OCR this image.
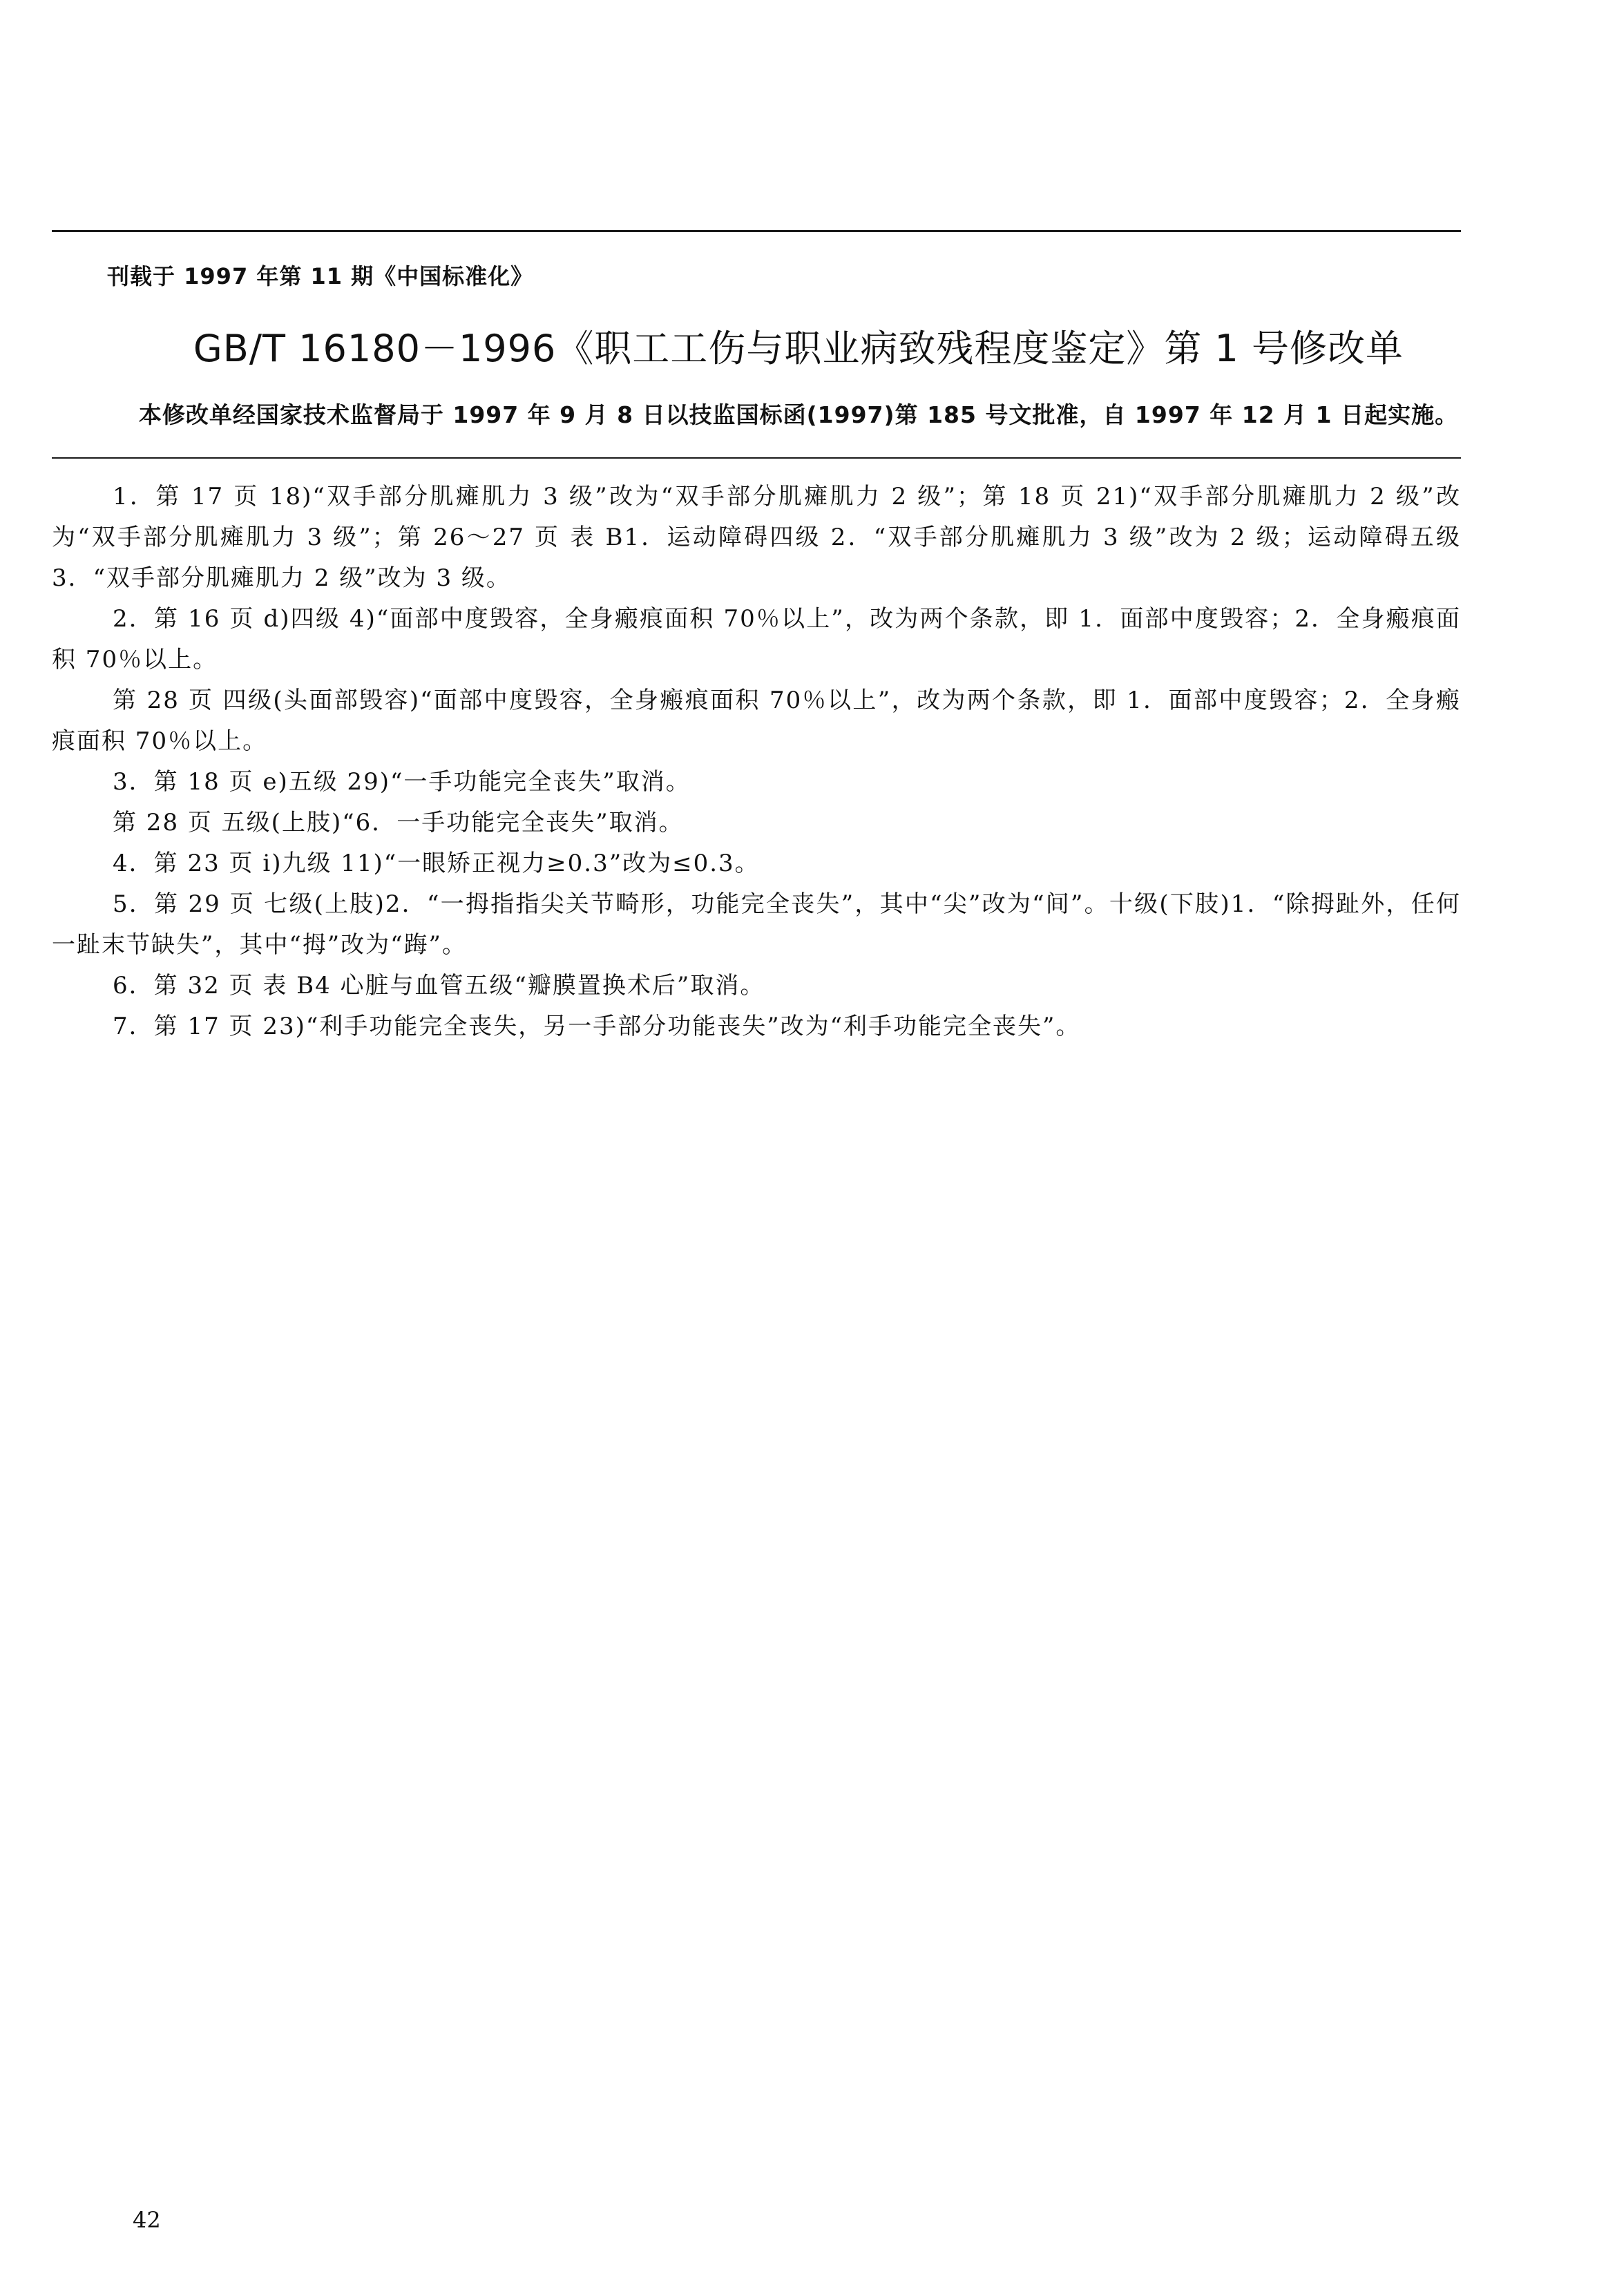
刊载于 1997 年第 11 期《中国标准化》
GB/T 16180－1996《职工工伤与职业病致残程度鉴定》第 1 号修改单
本修改单经国家技术监督局于 1997 年 9 月 8 日以技监国标函(1997)第 185 号文批准，自 1997 年 12 月 1 日起实施。

1．第 17 页 18)“双手部分肌瘫肌力 3 级”改为“双手部分肌瘫肌力 2 级”；第 18 页 21)“双手部分肌瘫肌力 2 级”改为“双手部分肌瘫肌力 3 级”；第 26～27 页 表 B1．运动障碍四级 2．“双手部分肌瘫肌力 3 级”改为 2 级；运动障碍五级 3．“双手部分肌瘫肌力 2 级”改为 3 级。

2．第 16 页 d)四级 4)“面部中度毁容，全身瘢痕面积 70％以上”，改为两个条款，即 1．面部中度毁容；2．全身瘢痕面积 70％以上。

第 28 页 四级(头面部毁容)“面部中度毁容，全身瘢痕面积 70％以上”，改为两个条款，即 1．面部中度毁容；2．全身瘢痕面积 70％以上。

3．第 18 页 e)五级 29)“一手功能完全丧失”取消。

第 28 页 五级(上肢)“6．一手功能完全丧失”取消。

4．第 23 页 i)九级 11)“一眼矫正视力≥0.3”改为≤0.3。

5．第 29 页 七级(上肢)2．“一拇指指尖关节畸形，功能完全丧失”，其中“尖”改为“间”。十级(下肢)1．“除拇趾外，任何一趾末节缺失”，其中“拇”改为“踇”。

6．第 32 页 表 B4 心脏与血管五级“瓣膜置换术后”取消。

7．第 17 页 23)“利手功能完全丧失，另一手部分功能丧失”改为“利手功能完全丧失”。

42
